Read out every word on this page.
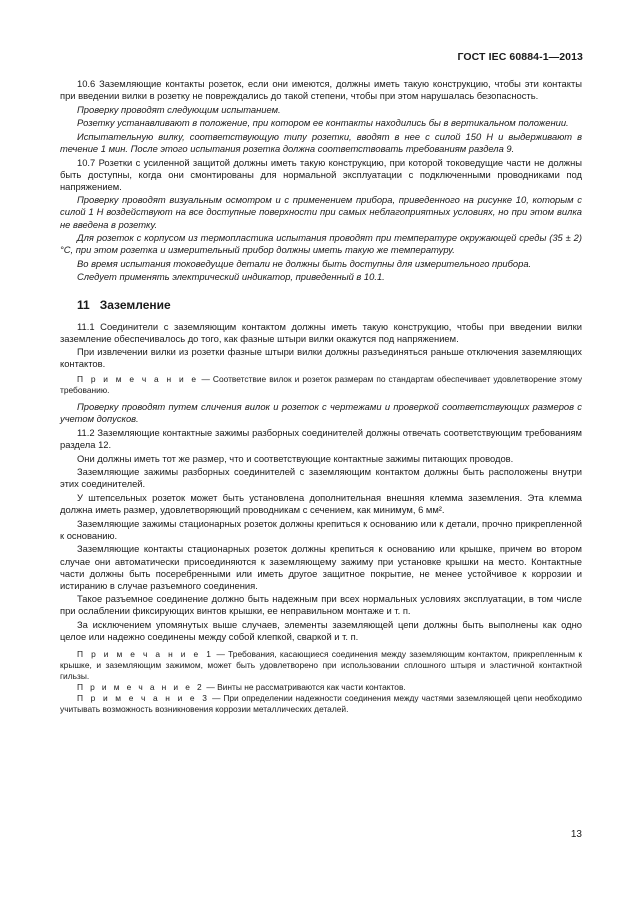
ГОСТ IEC 60884-1—2013

10.6 Заземляющие контакты розеток, если они имеются, должны иметь такую конструкцию, чтобы эти контакты при введении вилки в розетку не повреждались до такой степени, чтобы при этом нарушалась безопасность.

Проверку проводят следующим испытанием.

Розетку устанавливают в положение, при котором ее контакты находились бы в вертикальном положении.

Испытательную вилку, соответствующую типу розетки, вводят в нее с силой 150 Н и выдерживают в течение 1 мин. После этого испытания розетка должна соответствовать требованиям раздела 9.

10.7 Розетки с усиленной защитой должны иметь такую конструкцию, при которой токоведущие части не должны быть доступны, когда они смонтированы для нормальной эксплуатации с подключенными проводниками под напряжением.

Проверку проводят визуальным осмотром и с применением прибора, приведенного на рисунке 10, которым с силой 1 Н воздействуют на все доступные поверхности при самых неблагоприятных условиях, но при этом вилка не введена в розетку.

Для розеток с корпусом из термопластика испытания проводят при температуре окружающей среды (35 ± 2) °С, при этом розетка и измерительный прибор должны иметь такую же температуру.

Во время испытания токоведущие детали не должны быть доступны для измерительного прибора.

Следует применять электрический индикатор, приведенный в 10.1.

11 Заземление

11.1 Соединители с заземляющим контактом должны иметь такую конструкцию, чтобы при введении вилки заземление обеспечивалось до того, как фазные штыри вилки окажутся под напряжением.

При извлечении вилки из розетки фазные штыри вилки должны разъединяться раньше отключения заземляющих контактов.

П р и м е ч а н и е — Соответствие вилок и розеток размерам по стандартам обеспечивает удовлетворение этому требованию.

Проверку проводят путем сличения вилок и розеток с чертежами и проверкой соответствующих размеров с учетом допусков.

11.2 Заземляющие контактные зажимы разборных соединителей должны отвечать соответствующим требованиям раздела 12.

Они должны иметь тот же размер, что и соответствующие контактные зажимы питающих проводов.

Заземляющие зажимы разборных соединителей с заземляющим контактом должны быть расположены внутри этих соединителей.

У штепсельных розеток может быть установлена дополнительная внешняя клемма заземления. Эта клемма должна иметь размер, удовлетворяющий проводникам с сечением, как минимум, 6 мм².

Заземляющие зажимы стационарных розеток должны крепиться к основанию или к детали, прочно прикрепленной к основанию.

Заземляющие контакты стационарных розеток должны крепиться к основанию или крышке, причем во втором случае они автоматически присоединяются к заземляющему зажиму при установке крышки на место. Контактные части должны быть посеребренными или иметь другое защитное покрытие, не менее устойчивое к коррозии и истиранию в случае разъемного соединения.

Такое разъемное соединение должно быть надежным при всех нормальных условиях эксплуатации, в том числе при ослаблении фиксирующих винтов крышки, ее неправильном монтаже и т. п.

За исключением упомянутых выше случаев, элементы заземляющей цепи должны быть выполнены как одно целое или надежно соединены между собой клепкой, сваркой и т. п.

П р и м е ч а н и е 1 — Требования, касающиеся соединения между заземляющим контактом, прикрепленным к крышке, и заземляющим зажимом, может быть удовлетворено при использовании сплошного штыря и эластичной контактной гильзы.

П р и м е ч а н и е 2 — Винты не рассматриваются как части контактов.

П р и м е ч а н и е 3 — При определении надежности соединения между частями заземляющей цепи необходимо учитывать возможность возникновения коррозии металлических деталей.

13
